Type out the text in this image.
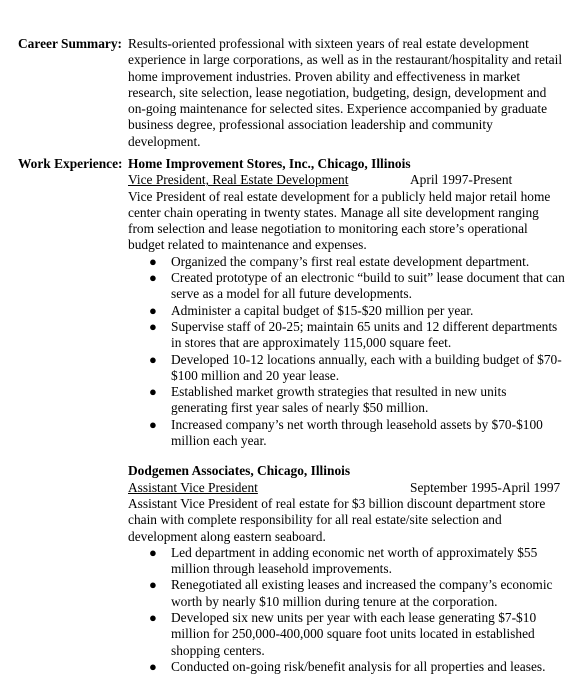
Career Summary: Results-oriented professional with sixteen years of real estate development
experience in large corporations, as well as in the restaurant/hospitality and retail
home improvement industries. Proven ability and effectiveness in market
research, site selection, lease negotiation, budgeting, design, development and
on-going maintenance for selected sites. Experience accompanied by graduate
business degree, professional association leadership and community
development.
Work Experience: Home Improvement Stores, Inc., Chicago, Illinois
Vice President, Real Estate Development	April 1997-Present
Vice President of real estate development for a publicly held major retail home
center chain operating in twenty states. Manage all site development ranging
from selection and lease negotiation to monitoring each store’s operational
budget related to maintenance and expenses.
● Organized the company’s first real estate development department.
● Created prototype of an electronic “build to suit” lease document that can
serve as a model for all future developments.
● Administer a capital budget of $15-$20 million per year.
● Supervise staff of 20-25; maintain 65 units and 12 different departments
in stores that are approximately 115,000 square feet.
● Developed 10-12 locations annually, each with a building budget of $70-
$100 million and 20 year lease.
● Established market growth strategies that resulted in new units
generating first year sales of nearly $50 million.
● Increased company’s net worth through leasehold assets by $70-$100
million each year.
Dodgemen Associates, Chicago, Illinois
Assistant Vice President	September 1995-April 1997
Assistant Vice President of real estate for $3 billion discount department store
chain with complete responsibility for all real estate/site selection and
development along eastern seaboard.
● Led department in adding economic net worth of approximately $55
million through leasehold improvements.
● Renegotiated all existing leases and increased the company’s economic
worth by nearly $10 million during tenure at the corporation.
● Developed six new units per year with each lease generating $7-$10
million for 250,000-400,000 square foot units located in established
shopping centers.
● Conducted on-going risk/benefit analysis for all properties and leases.
